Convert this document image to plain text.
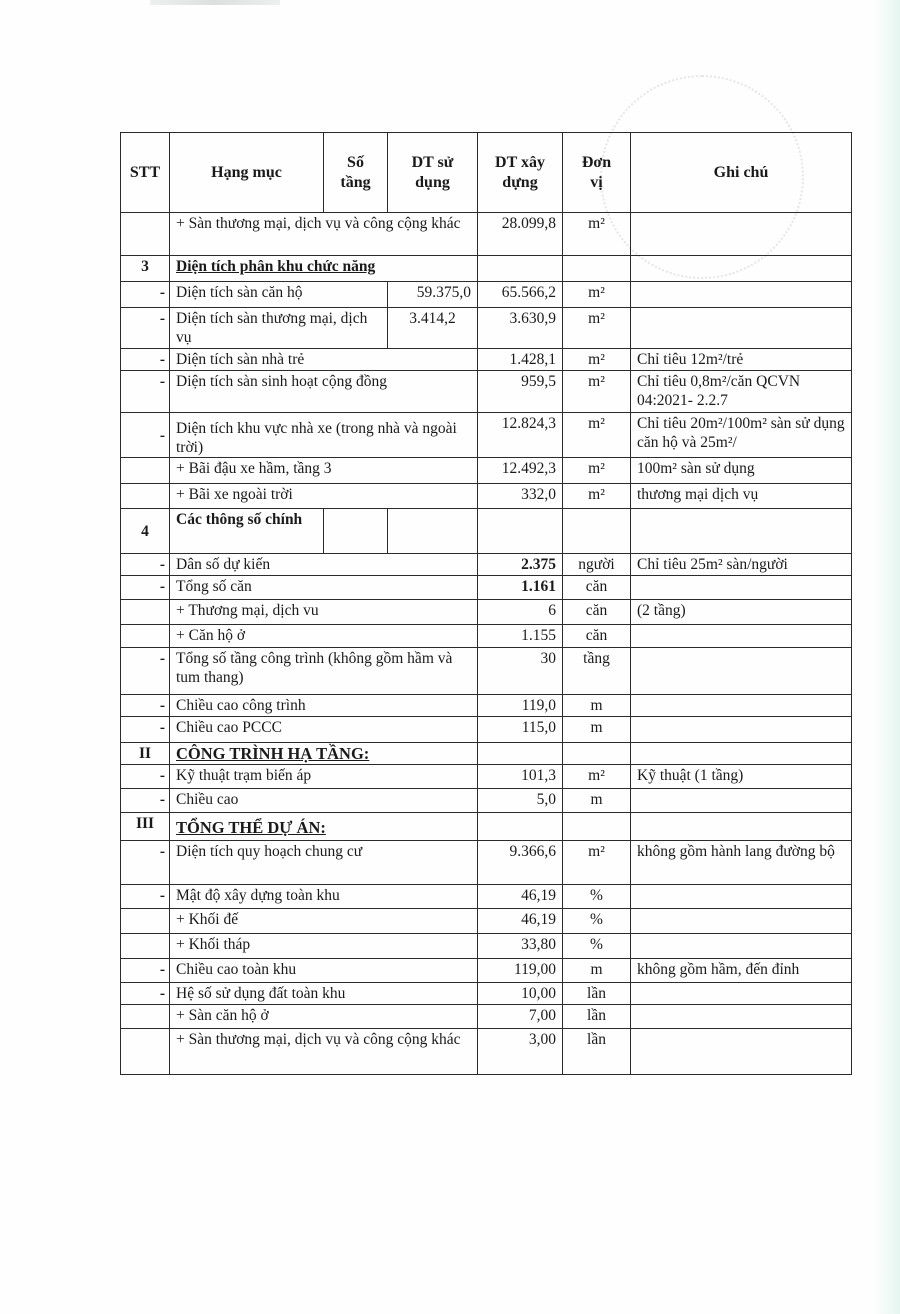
STT	Hạng mục	Số tầng	DT sử dụng	DT xây dựng	Đơn vị	Ghi chú
	+ Sàn thương mại, dịch vụ và công cộng khác			28.099,8	m²	
3	Diện tích phân khu chức năng					
-	Diện tích sàn căn hộ		59.375,0	65.566,2	m²	
-	Diện tích sàn thương mại, dịch vụ		3.414,2	3.630,9	m²	
-	Diện tích sàn nhà trẻ			1.428,1	m²	Chỉ tiêu 12m²/trẻ
-	Diện tích sàn sinh hoạt cộng đồng			959,5	m²	Chỉ tiêu 0,8m²/căn QCVN 04:2021- 2.2.7
-	Diện tích khu vực nhà xe (trong nhà và ngoài trời)			12.824,3	m²	Chỉ tiêu 20m²/100m² sàn sử dụng căn hộ và 25m²/
	+ Bãi đậu xe hầm, tầng 3			12.492,3	m²	100m² sàn sử dụng
	+ Bãi xe ngoài trời			332,0	m²	thương mại dịch vụ
4	Các thông số chính					
-	Dân số dự kiến			2.375	người	Chỉ tiêu 25m² sàn/người
-	Tổng số căn			1.161	căn	
	+ Thương mại, dịch vu			6	căn	(2 tầng)
	+ Căn hộ ở			1.155	căn	
-	Tổng số tầng công trình (không gồm hầm và tum thang)			30	tầng	
-	Chiều cao công trình			119,0	m	
-	Chiều cao PCCC			115,0	m	
II	CÔNG TRÌNH HẠ TẦNG:					
-	Kỹ thuật trạm biến áp			101,3	m²	Kỹ thuật (1 tầng)
-	Chiều cao			5,0	m	
III	TỔNG THỂ DỰ ÁN:					
-	Diện tích quy hoạch chung cư			9.366,6	m²	không gồm hành lang đường bộ
-	Mật độ xây dựng toàn khu			46,19	%	
	+ Khối đế			46,19	%	
	+ Khối tháp			33,80	%	
-	Chiều cao toàn khu			119,00	m	không gồm hầm, đến đỉnh
-	Hệ số sử dụng đất toàn khu			10,00	lần	
	+ Sàn căn hộ ở			7,00	lần	
	+ Sàn thương mại, dịch vụ và công cộng khác			3,00	lần	
